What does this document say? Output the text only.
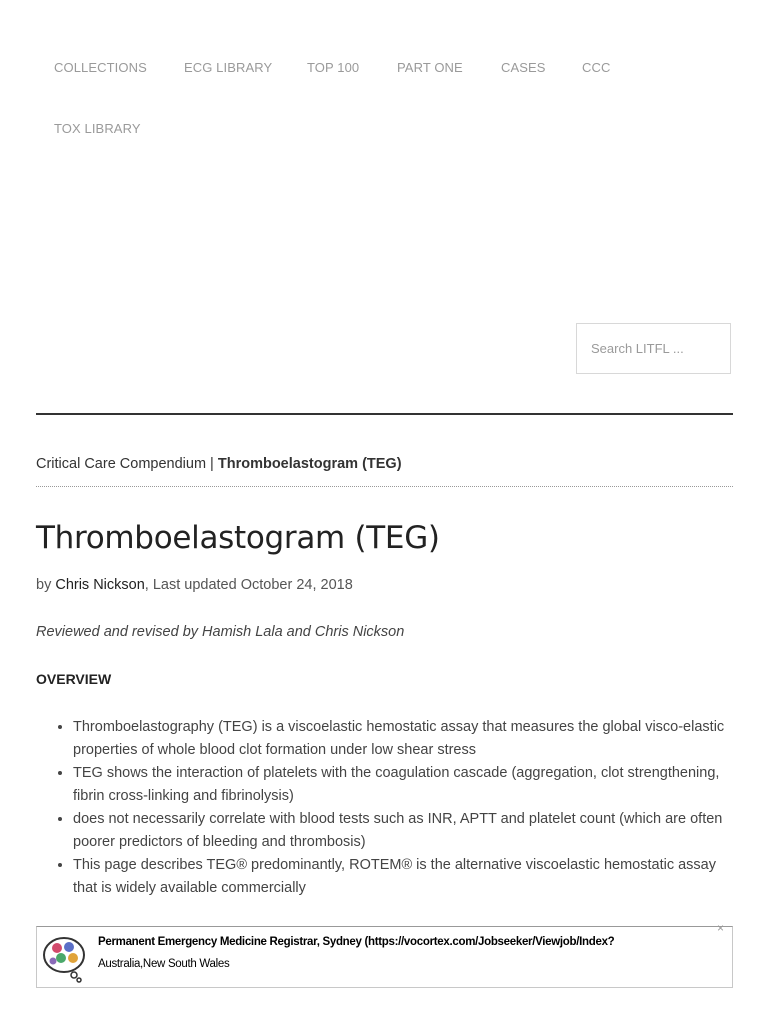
COLLECTIONS	ECG LIBRARY	TOP 100	PART ONE	CASES	CCC
TOX LIBRARY
Search LITFL ...
Critical Care Compendium | Thromboelastogram (TEG)
Thromboelastogram (TEG)
by Chris Nickson, Last updated October 24, 2018
Reviewed and revised by Hamish Lala and Chris Nickson
OVERVIEW
• Thromboelastography (TEG) is a viscoelastic hemostatic assay that measures the global visco-elastic properties of whole blood clot formation under low shear stress
• TEG shows the interaction of platelets with the coagulation cascade (aggregation, clot strengthening, fibrin cross-linking and fibrinolysis)
• does not necessarily correlate with blood tests such as INR, APTT and platelet count (which are often poorer predictors of bleeding and thrombosis)
• This page describes TEG® predominantly, ROTEM® is the alternative viscoelastic hemostatic assay that is widely available commercially
Permanent Emergency Medicine Registrar, Sydney (https://vocortex.com/Jobseeker/Viewjob/Index?
Australia,New South Wales
×
